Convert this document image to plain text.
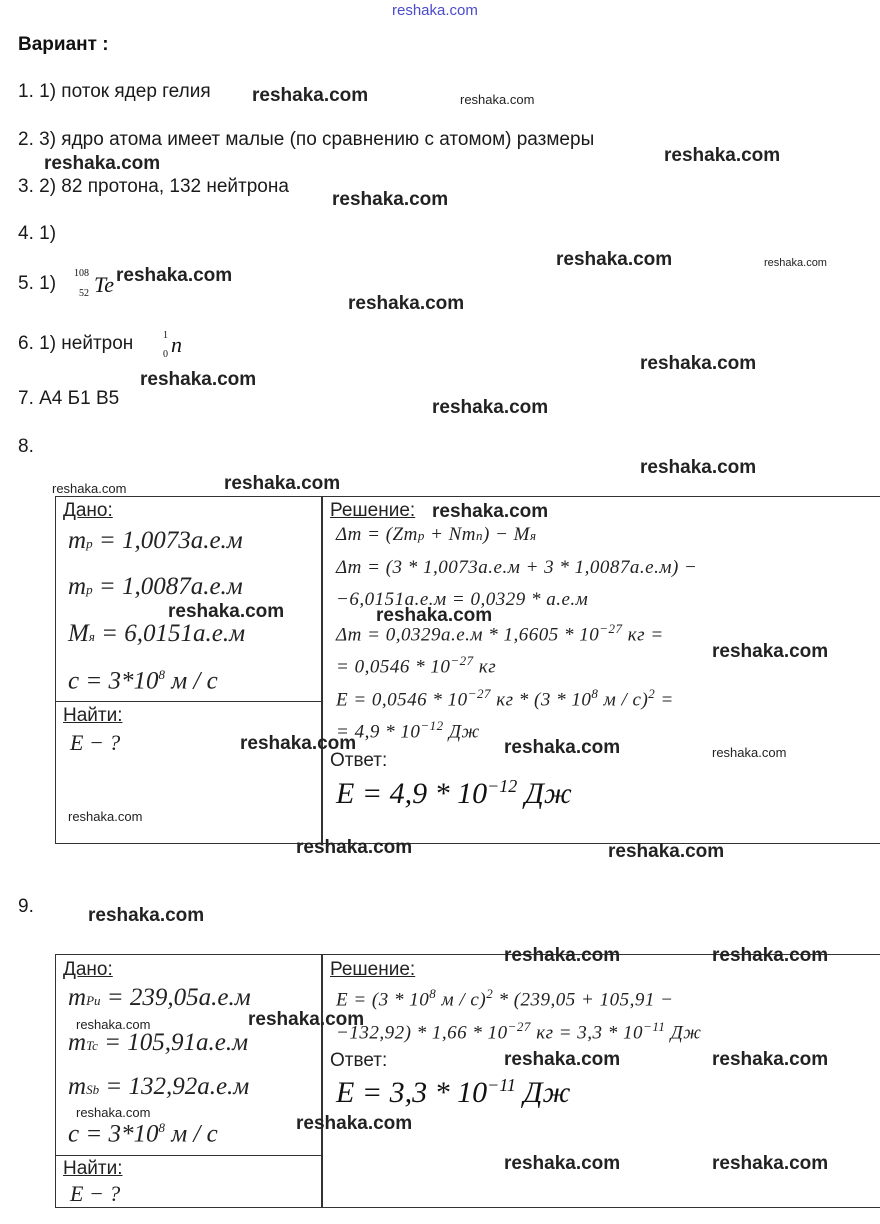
reshaka.com
Вариант :
1. 1) поток ядер гелия
2. 3) ядро атома имеет малые (по сравнению с атомом) размеры
3. 2) 82 протона, 132 нейтрона
4. 1)
5. 1) 108
52 Te
6. 1) нейтрон	1
0 n
7. А4 Б1 В5
8.
Дано:
mp = 1,0073а.е.м
mp = 1,0087а.е.м
Mя = 6,0151а.е.м
$c = 3*10^8$ м / с
Найти:
E − ?
Решение:
Δm = (Zmp + Nmn) − Mя
Δm = (3 * 1,0073а.е.м + 3 * 1,0087а.е.м) −
−6,0151а.е.м = 0,0329 * а.е.м
$\Delta m = 0,0329а.е.м * 1,6605 * 10^{-27}$ кг =
= $0,0546 * 10^{-27}$ кг
$E = 0,0546 * 10^{-27}$ кг * ($3 * 10^8$ м / с)$^2$ =
= $4,9 * 10^{-12}$ Дж
Ответ:
$E = 4,9 * 10^{-12}$ Дж
9.
Дано:
mPu = 239,05а.е.м
mTc = 105,91а.е.м
mSb = 132,92а.е.м
$c = 3*10^8$ м / с
Найти:
E − ?
Решение:
$E = (3 * 10^8$ м / с)$^2$ * (239,05 + 105,91 −
$-132,92) * 1,66 * 10^{-27}$ кг = $3,3 * 10^{-11}$ Дж
Ответ:
$E = 3,3 * 10^{-11}$ Дж
reshaka.com	reshaka.com
reshaka.com
reshaka.com
reshaka.com
reshaka.com	reshaka.com
reshaka.com
reshaka.com
reshaka.com
reshaka.com
reshaka.com
reshaka.com
reshaka.com	reshaka.com
reshaka.com
reshaka.com	reshaka.com
reshaka.com
reshaka.com	reshaka.com	reshaka.com
reshaka.com
reshaka.com	reshaka.com
reshaka.com
reshaka.com	reshaka.com
reshaka.com
reshaka.com
reshaka.com	reshaka.com
reshaka.com
reshaka.com
reshaka.com	reshaka.com
